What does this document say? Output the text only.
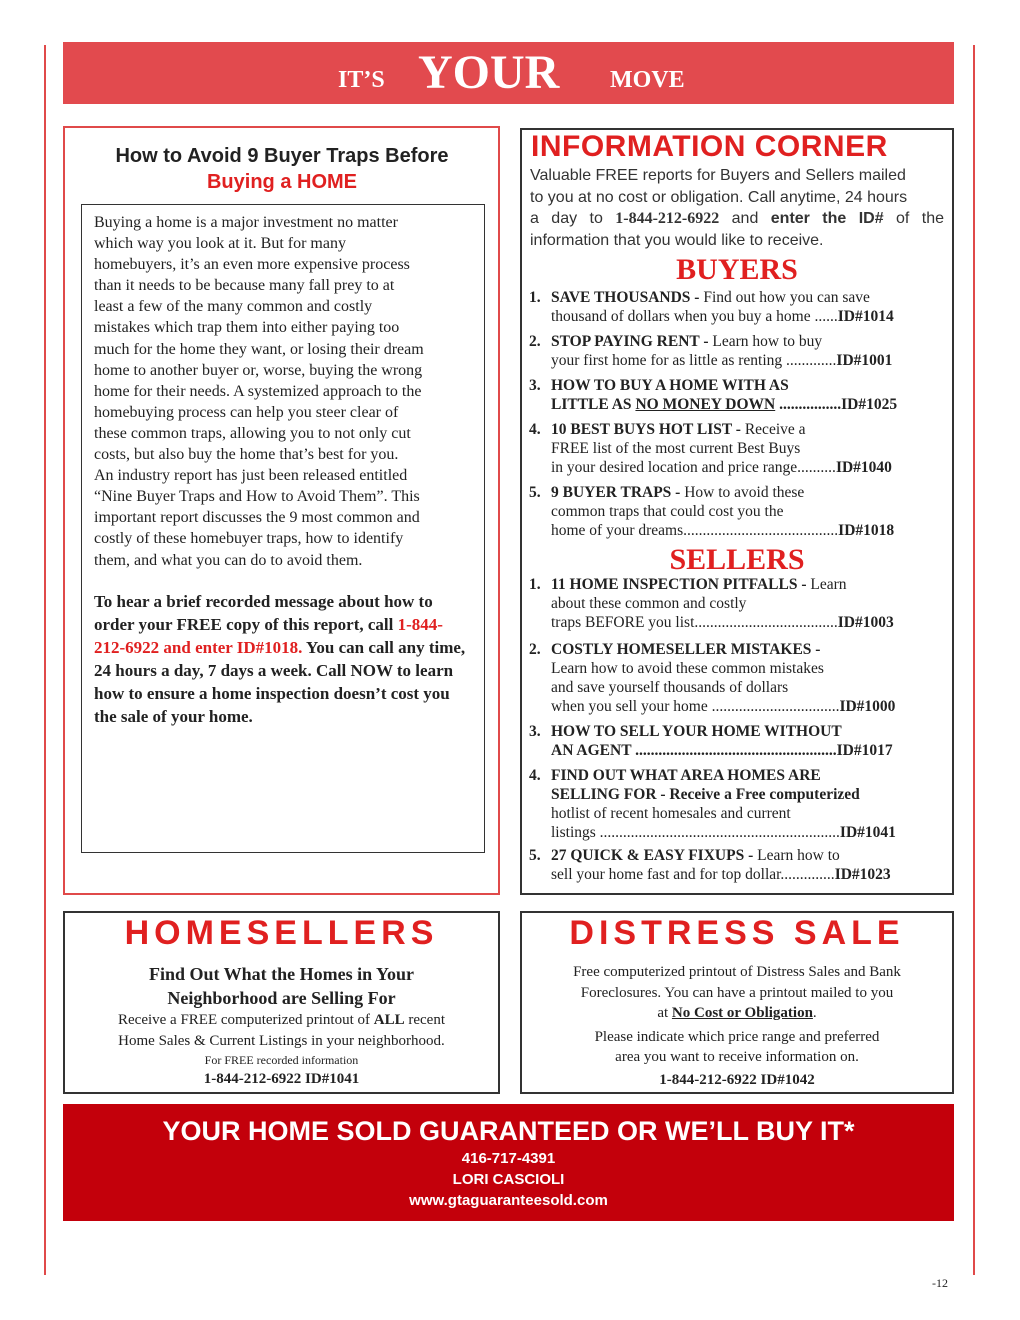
IT’S YOUR MOVE
How to Avoid 9 Buyer Traps Before
Buying a HOME
Buying a home is a major investment no matter
which way you look at it. But for many
homebuyers, it’s an even more expensive process
than it needs to be because many fall prey to at
least a few of the many common and costly
mistakes which trap them into either paying too
much for the home they want, or losing their dream
home to another buyer or, worse, buying the wrong
home for their needs. A systemized approach to the
homebuying process can help you steer clear of
these common traps, allowing you to not only cut
costs, but also buy the home that’s best for you.
An industry report has just been released entitled
“Nine Buyer Traps and How to Avoid Them”. This
important report discusses the 9 most common and
costly of these homebuyer traps, how to identify
them, and what you can do to avoid them.
To hear a brief recorded message about how to order your FREE copy of this report, call 1-844-212-6922 and enter ID#1018. You can call any time, 24 hours a day, 7 days a week. Call NOW to learn how to ensure a home inspection doesn’t cost you the sale of your home.
INFORMATION CORNER
Valuable FREE reports for Buyers and Sellers mailed
to you at no cost or obligation. Call anytime, 24 hours
a day to 1-844-212-6922 and enter the ID# of the
information that you would like to receive.
BUYERS
1. SAVE THOUSANDS - Find out how you can save
thousand of dollars when you buy a home ......ID#1014
2. STOP PAYING RENT - Learn how to buy
your first home for as little as renting .............ID#1001
3. HOW TO BUY A HOME WITH AS
LITTLE AS NO MONEY DOWN ................ID#1025
4. 10 BEST BUYS HOT LIST - Receive a
FREE list of the most current Best Buys
in your desired location and price range..........ID#1040
5. 9 BUYER TRAPS - How to avoid these
common traps that could cost you the
home of your dreams........................................ID#1018
SELLERS
1. 11 HOME INSPECTION PITFALLS - Learn
about these common and costly
traps BEFORE you list.....................................ID#1003
2. COSTLY HOMESELLER MISTAKES -
Learn how to avoid these common mistakes
and save yourself thousands of dollars
when you sell your home .................................ID#1000
3. HOW TO SELL YOUR HOME WITHOUT
AN AGENT ....................................................ID#1017
4. FIND OUT WHAT AREA HOMES ARE
SELLING FOR - Receive a Free computerized
hotlist of recent homesales and current
listings ..............................................................ID#1041
5. 27 QUICK & EASY FIXUPS - Learn how to
sell your home fast and for top dollar..............ID#1023
HOMESELLERS
Find Out What the Homes in Your
Neighborhood are Selling For
Receive a FREE computerized printout of ALL recent
Home Sales & Current Listings in your neighborhood.
For FREE recorded information
1-844-212-6922 ID#1041
DISTRESS SALE
Free computerized printout of Distress Sales and Bank
Foreclosures. You can have a printout mailed to you
at No Cost or Obligation.
Please indicate which price range and preferred
area you want to receive information on.
1-844-212-6922 ID#1042
YOUR HOME SOLD GUARANTEED OR WE’LL BUY IT*
416-717-4391
LORI CASCIOLI
www.gtaguaranteesold.com
-12
